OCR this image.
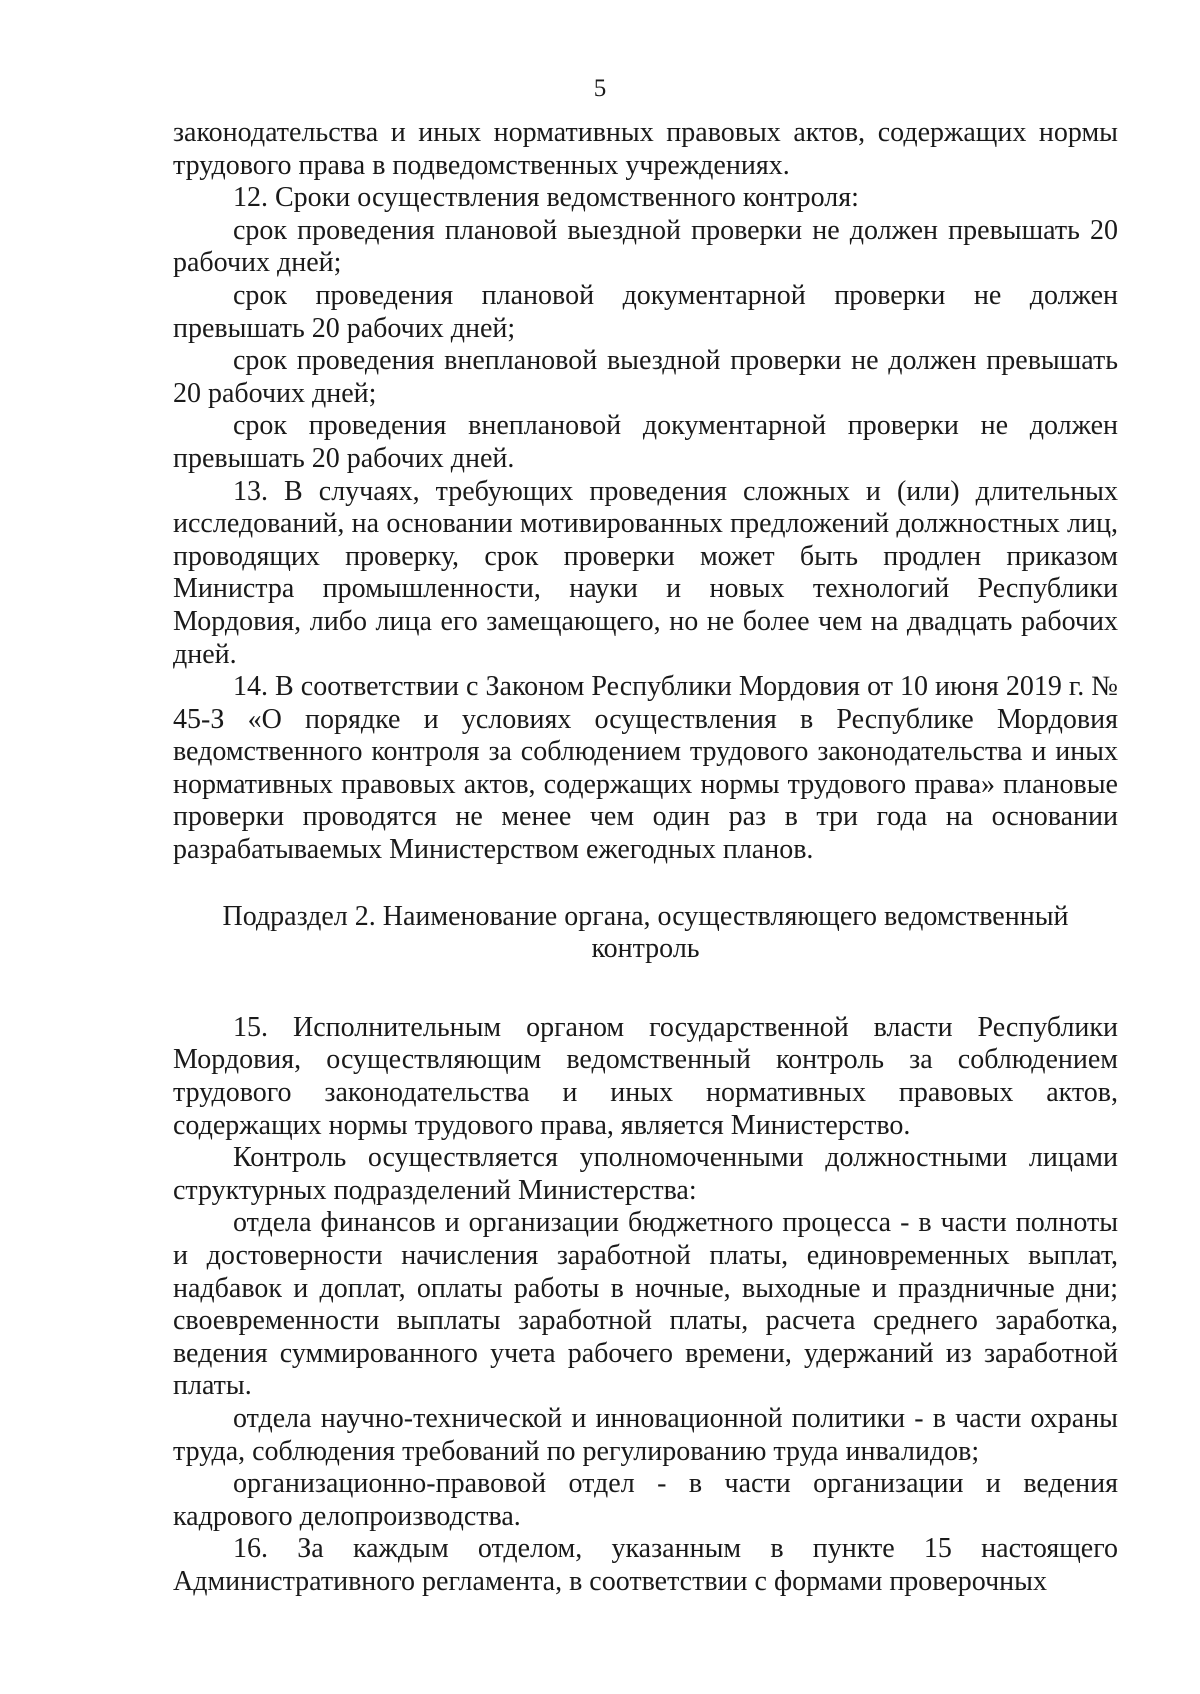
5

законодательства и иных нормативных правовых актов, содержащих нормы трудового права в подведомственных учреждениях.

12. Сроки осуществления ведомственного контроля:

срок проведения плановой выездной проверки не должен превышать 20 рабочих дней;

срок проведения плановой документарной проверки не должен превышать 20 рабочих дней;

срок проведения внеплановой выездной проверки не должен превышать 20 рабочих дней;

срок проведения внеплановой документарной проверки не должен превышать 20 рабочих дней.

13. В случаях, требующих проведения сложных и (или) длительных исследований, на основании мотивированных предложений должностных лиц, проводящих проверку, срок проверки может быть продлен приказом Министра промышленности, науки и новых технологий Республики Мордовия, либо лица его замещающего, но не более чем на двадцать рабочих дней.

14. В соответствии с Законом Республики Мордовия от 10 июня 2019 г. № 45-З «О порядке и условиях осуществления в Республике Мордовия ведомственного контроля за соблюдением трудового законодательства и иных нормативных правовых актов, содержащих нормы трудового права» плановые проверки проводятся не менее чем один раз в три года на основании разрабатываемых Министерством ежегодных планов.

Подраздел 2. Наименование органа, осуществляющего ведомственный контроль

15. Исполнительным органом государственной власти Республики Мордовия, осуществляющим ведомственный контроль за соблюдением трудового законодательства и иных нормативных правовых актов, содержащих нормы трудового права, является Министерство.

Контроль осуществляется уполномоченными должностными лицами структурных подразделений Министерства:

отдела финансов и организации бюджетного процесса - в части полноты и достоверности начисления заработной платы, единовременных выплат, надбавок и доплат, оплаты работы в ночные, выходные и праздничные дни; своевременности выплаты заработной платы, расчета среднего заработка, ведения суммированного учета рабочего времени, удержаний из заработной платы.

отдела научно-технической и инновационной политики - в части охраны труда, соблюдения требований по регулированию труда инвалидов;

организационно-правовой отдел - в части организации и ведения кадрового делопроизводства.

16. За каждым отделом, указанным в пункте 15 настоящего Административного регламента, в соответствии с формами проверочных
